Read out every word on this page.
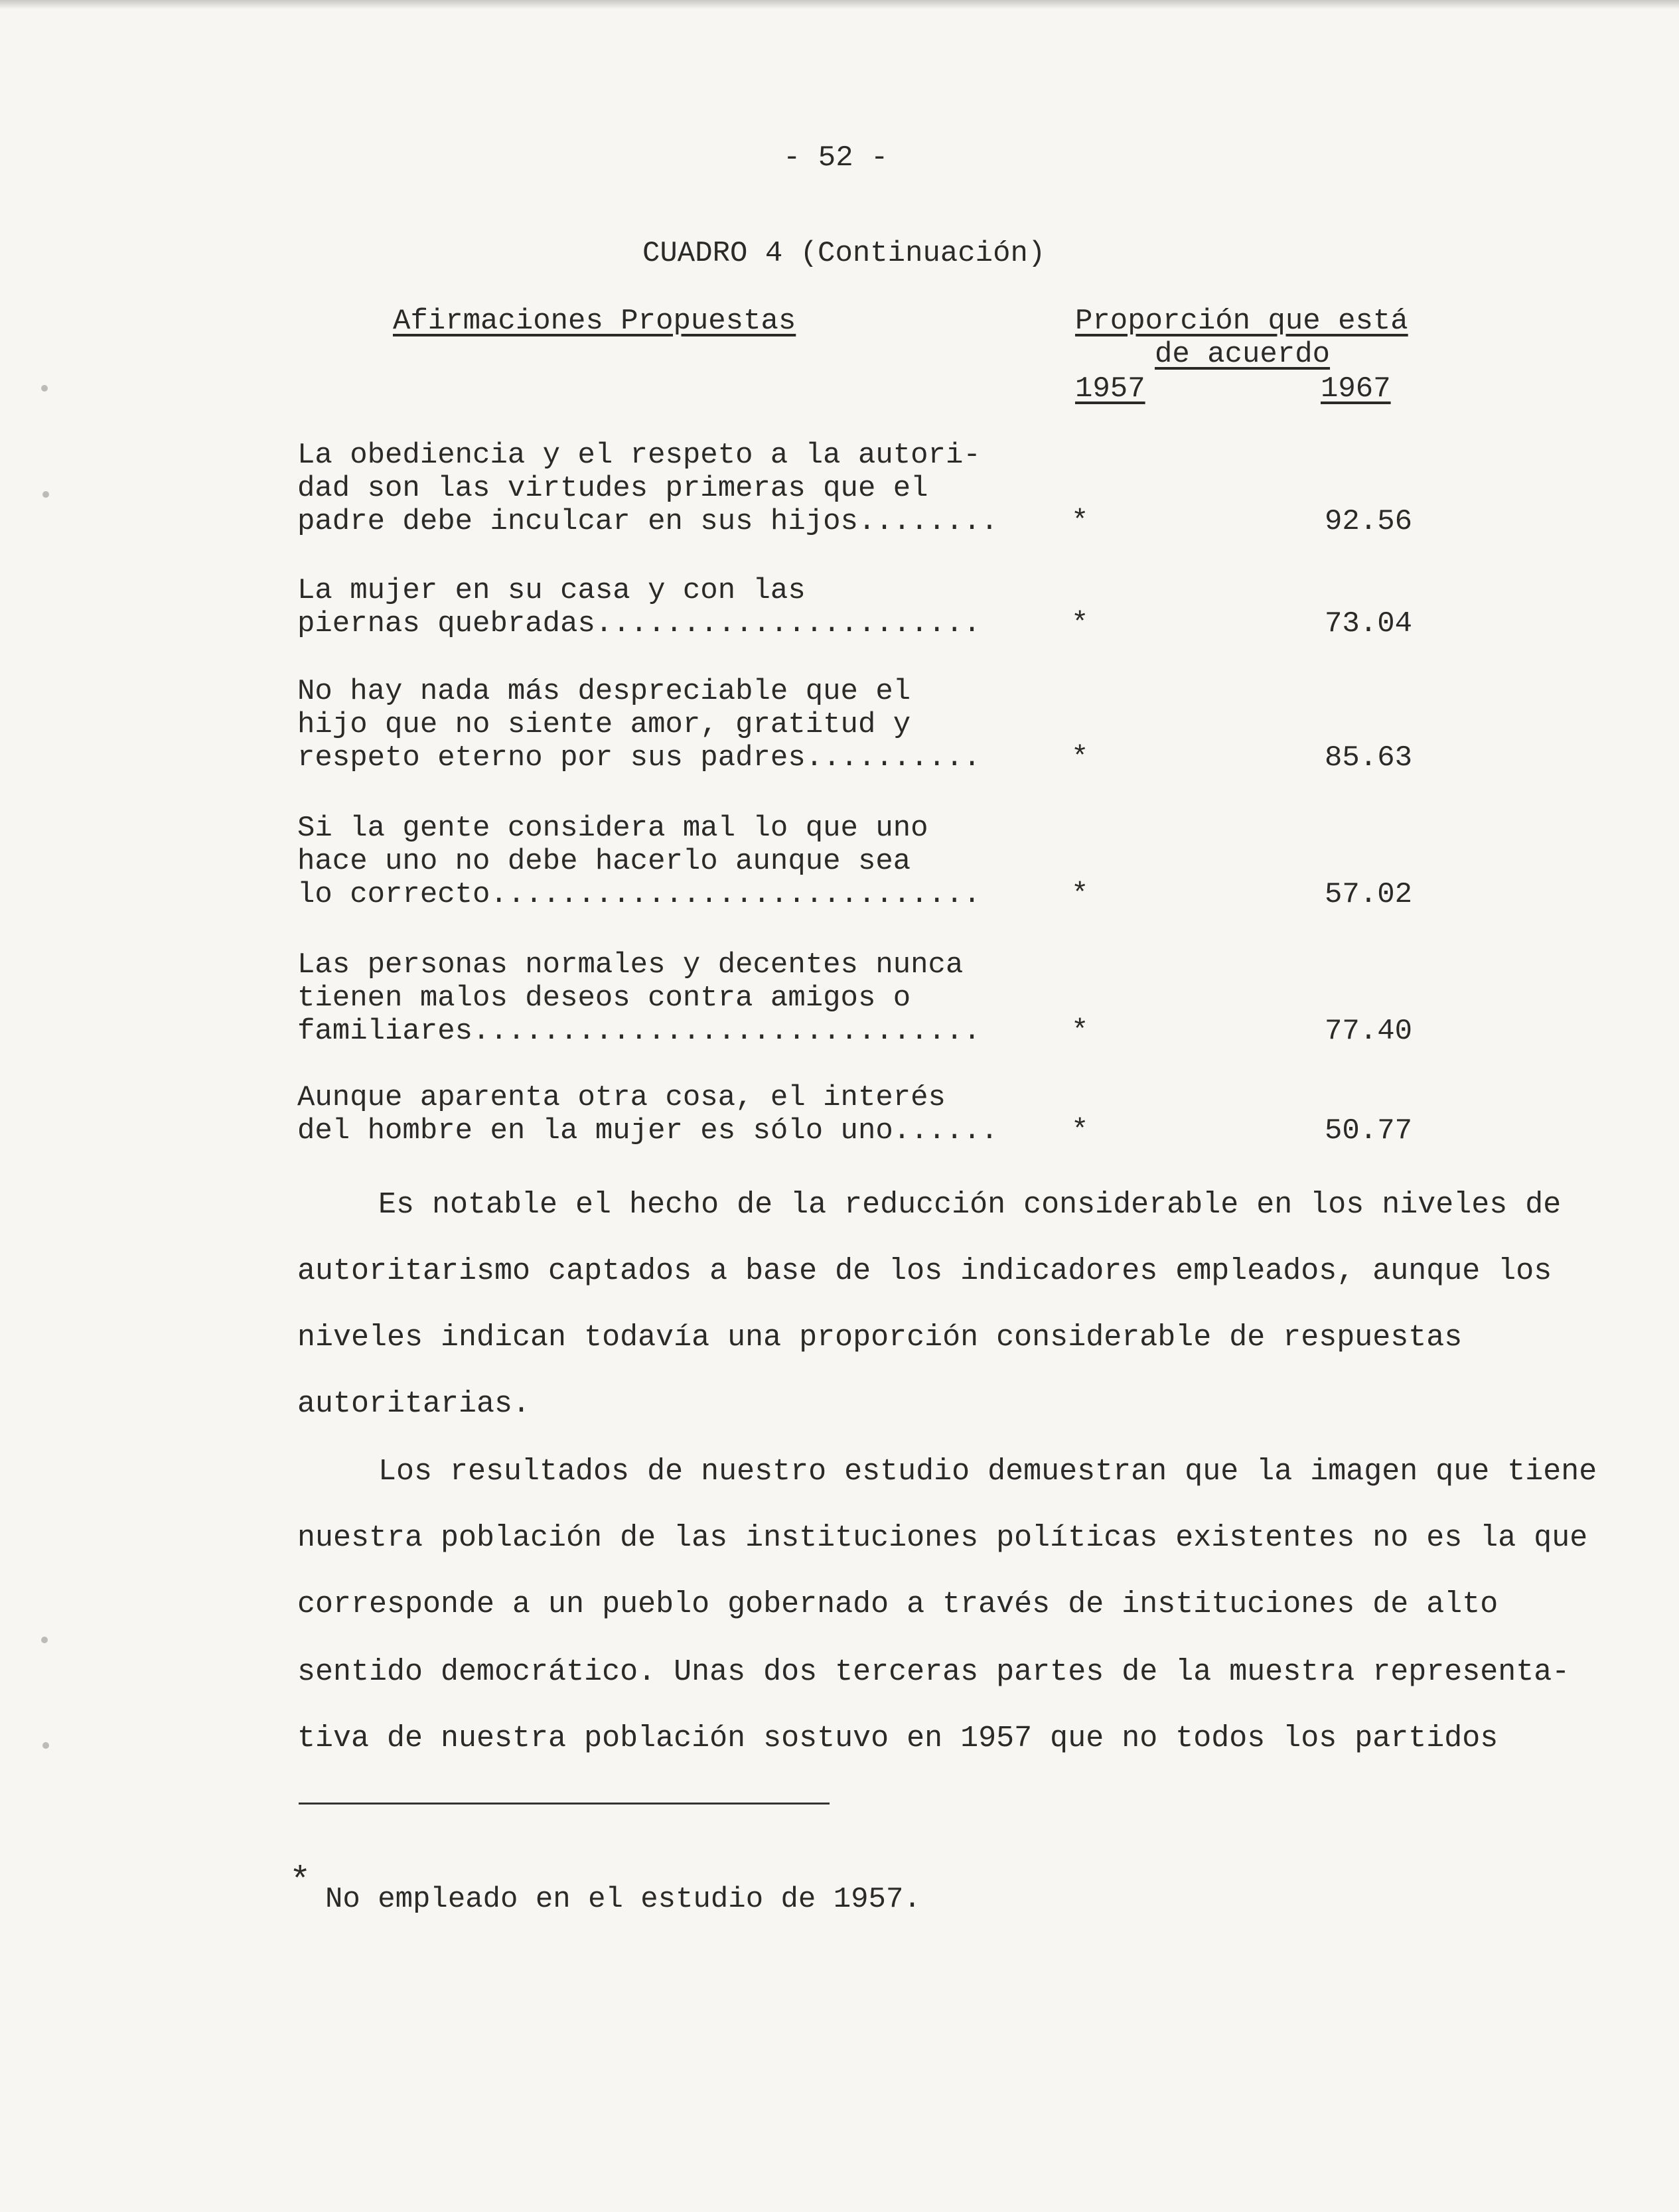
- 52 -
CUADRO 4 (Continuación)
Afirmaciones Propuestas	Proporción que está
de acuerdo
1957	1967
La obediencia y el respeto a la autori-
dad son las virtudes primeras que el
padre debe inculcar en sus hijos........ *	92.56
La mujer en su casa y con las
piernas quebradas......................	*	73.04
No hay nada más despreciable que el
hijo que no siente amor, gratitud y
respeto eterno por sus padres..........	*	85.63
Si la gente considera mal lo que uno
hace uno no debe hacerlo aunque sea
lo correcto............................	*	57.02
Las personas normales y decentes nunca
tienen malos deseos contra amigos o
familiares.............................	*	77.40
Aunque aparenta otra cosa, el interés
del hombre en la mujer es sólo uno...... *	50.77
Es notable el hecho de la reducción considerable en los niveles de
autoritarismo captados a base de los indicadores empleados, aunque los
niveles indican todavía una proporción considerable de respuestas
autoritarias.
Los resultados de nuestro estudio demuestran que la imagen que tiene
nuestra población de las instituciones políticas existentes no es la que
corresponde a un pueblo gobernado a través de instituciones de alto
sentido democrático. Unas dos terceras partes de la muestra representa-
tiva de nuestra población sostuvo en 1957 que no todos los partidos
* No empleado en el estudio de 1957.
